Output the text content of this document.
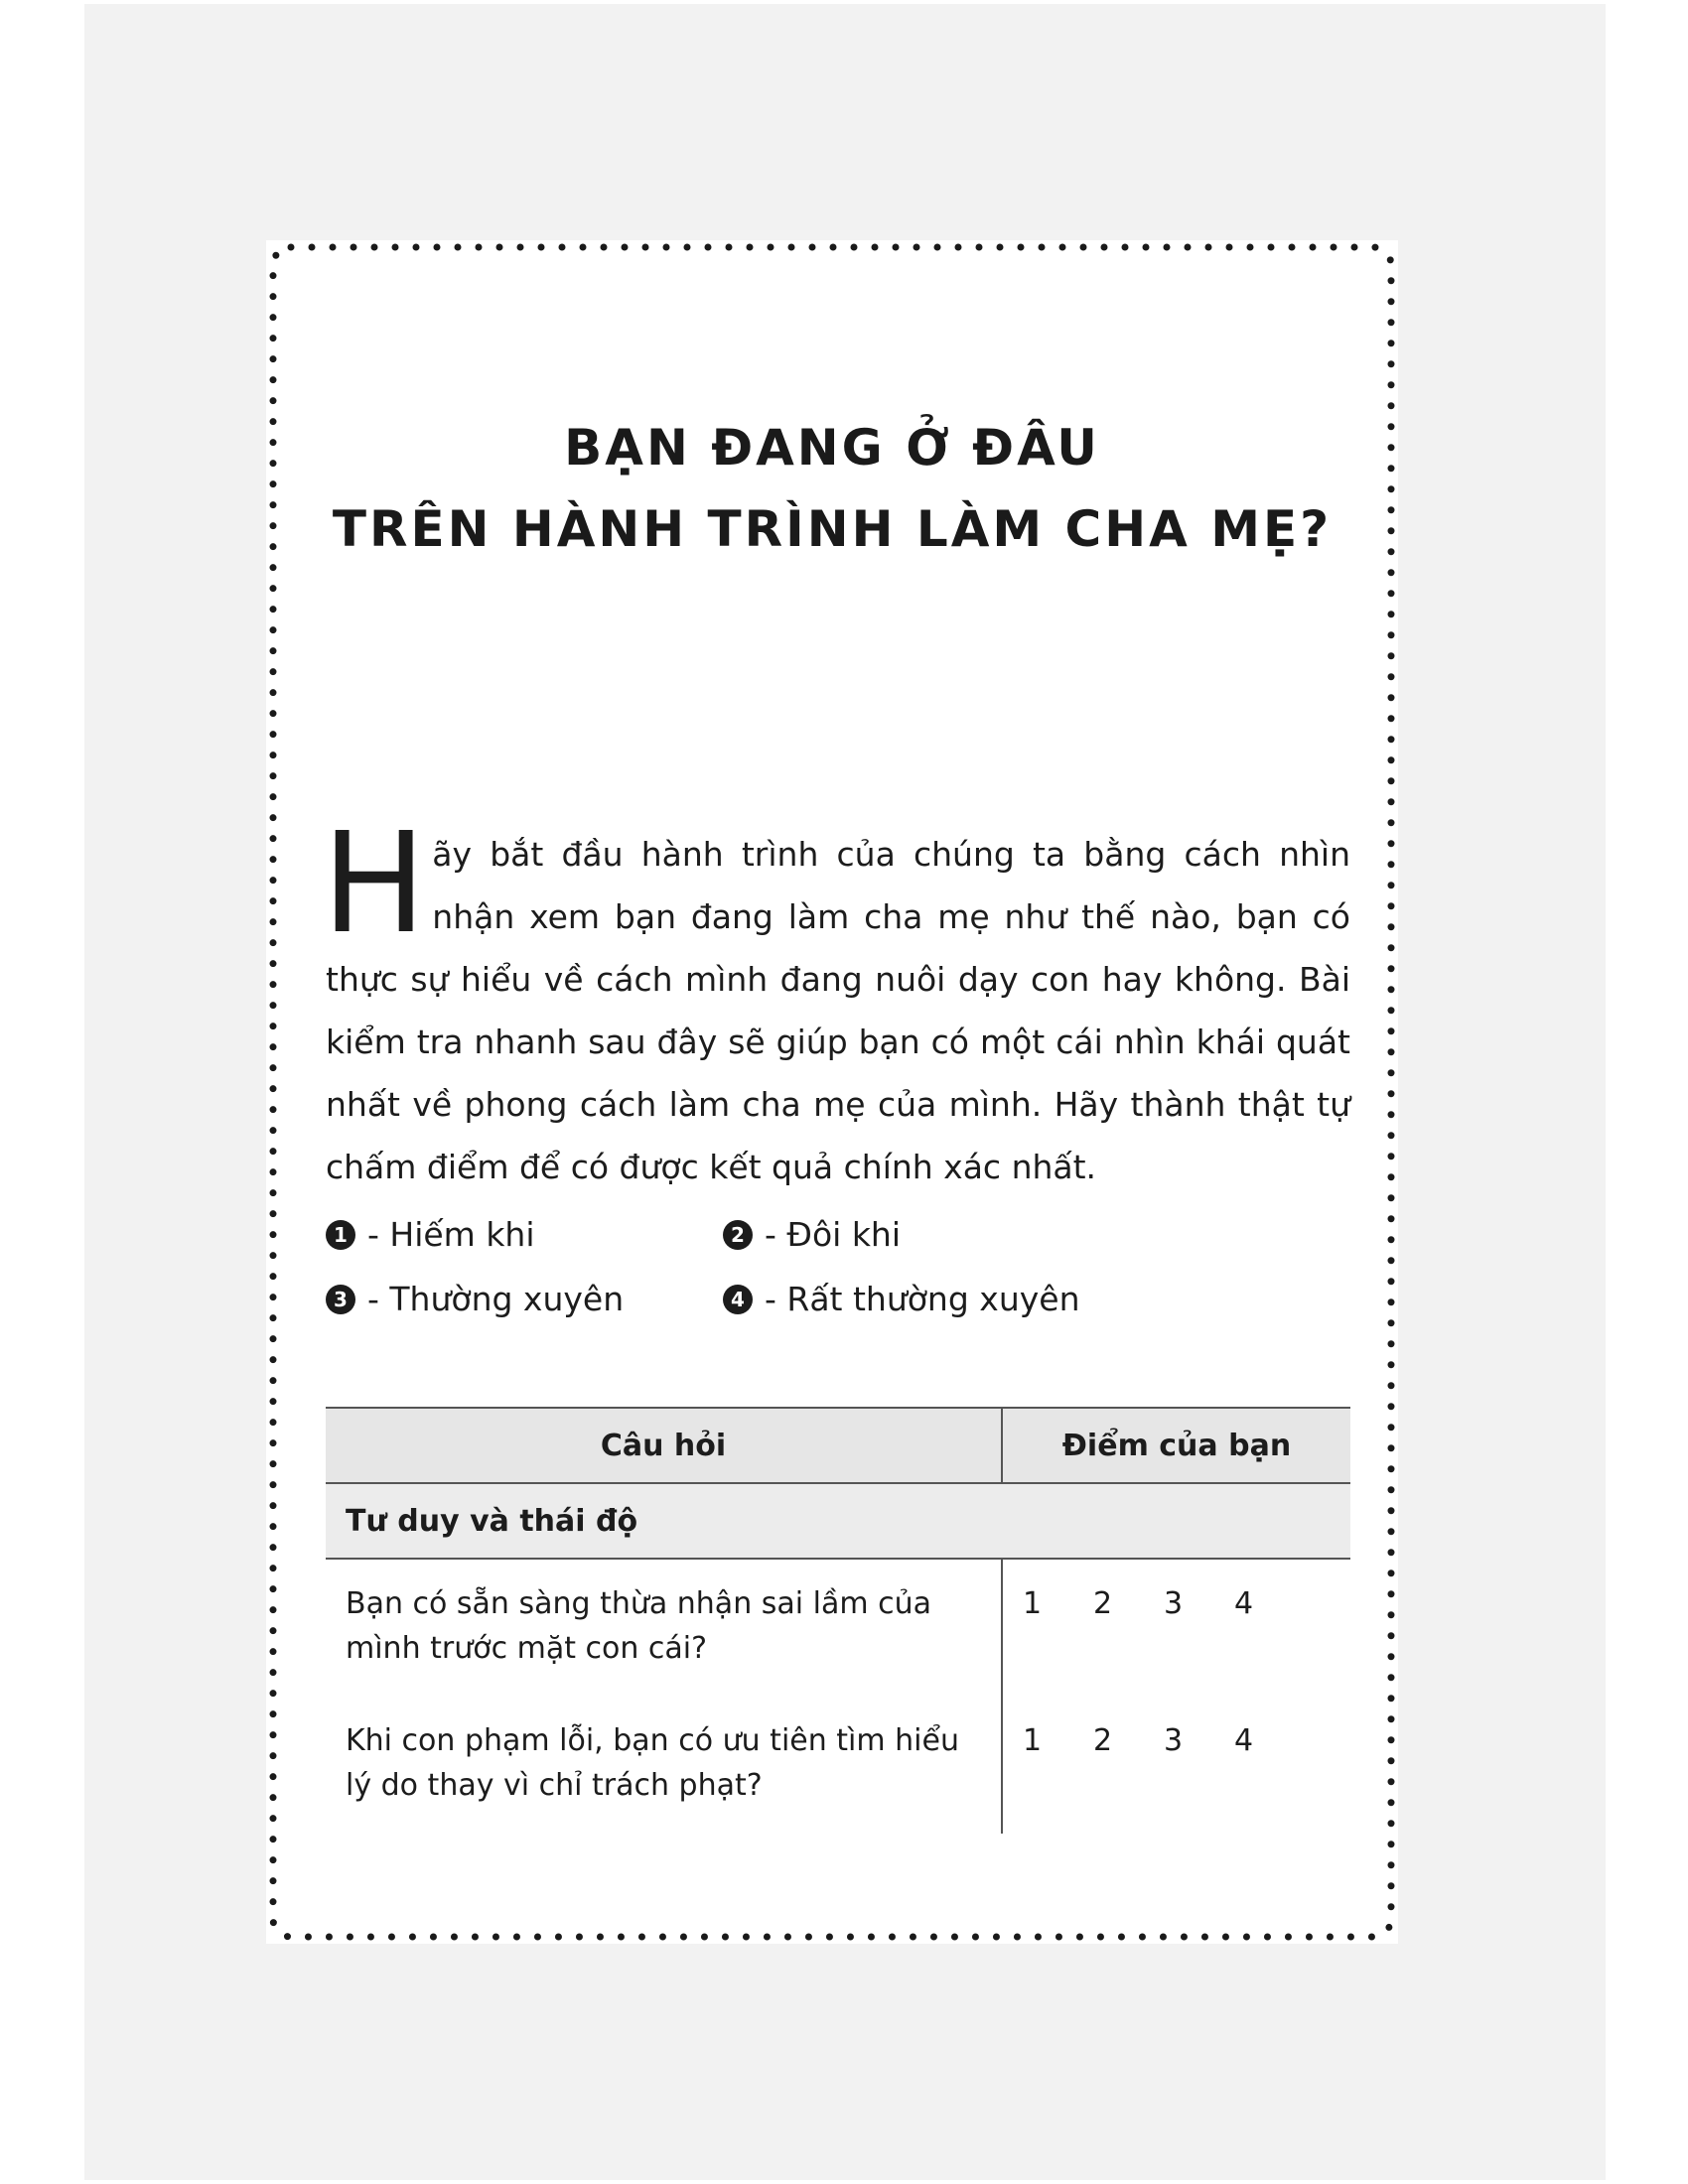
BẠN ĐANG Ở ĐÂU
TRÊN HÀNH TRÌNH LÀM CHA MẸ?

Hãy bắt đầu hành trình của chúng ta bằng cách nhìn nhận xem bạn đang làm cha mẹ như thế nào, bạn có thực sự hiểu về cách mình đang nuôi dạy con hay không. Bài kiểm tra nhanh sau đây sẽ giúp bạn có một cái nhìn khái quát nhất về phong cách làm cha mẹ của mình. Hãy thành thật tự chấm điểm để có được kết quả chính xác nhất.

1 - Hiếm khi	2 - Đôi khi
3 - Thường xuyên	4 - Rất thường xuyên
Câu hỏi	Điểm của bạn
Tư duy và thái độ	
Bạn có sẵn sàng thừa nhận sai lầm của mình trước mặt con cái?	1 2 3 4
Khi con phạm lỗi, bạn có ưu tiên tìm hiểu lý do thay vì chỉ trách phạt?	1 2 3 4
